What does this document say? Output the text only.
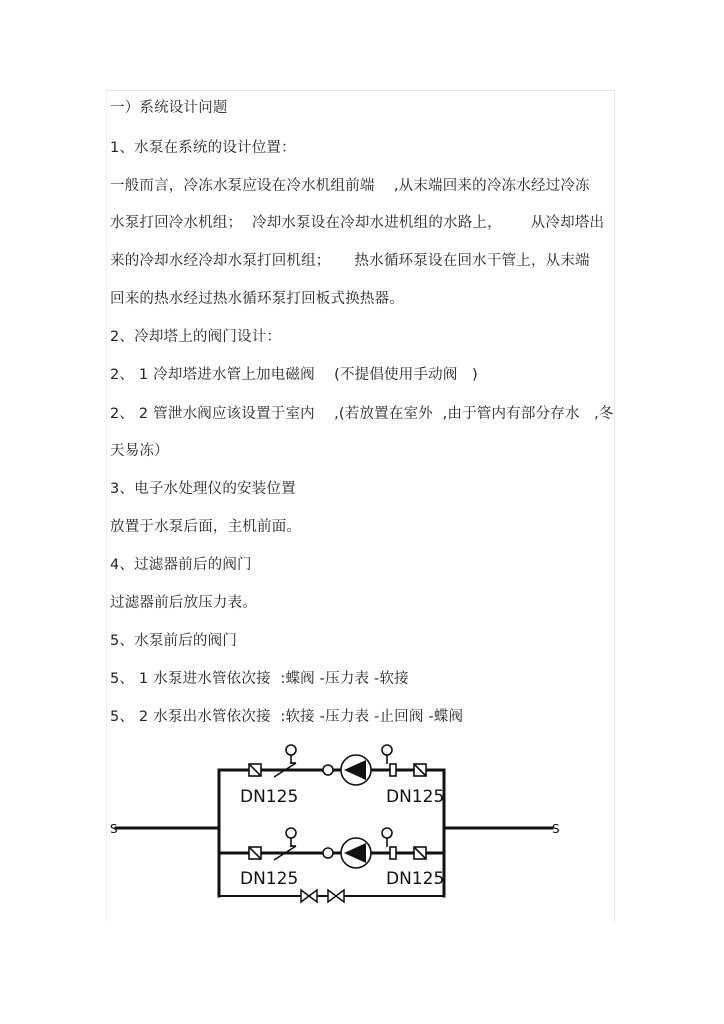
一）系统设计问题
1、水泵在系统的设计位置：
一般而言，冷冻水泵应设在冷水机组前端    ,从末端回来的冷冻水经过冷冻
水泵打回冷水机组；  冷却水泵设在冷却水进机组的水路上，      从冷却塔出
来的冷却水经冷却水泵打回机组；     热水循环泵设在回水干管上，从末端
回来的热水经过热水循环泵打回板式换热器。
2、冷却塔上的阀门设计：
2、 1 冷却塔进水管上加电磁阀    (不提倡使用手动阀   )
2、 2 管泄水阀应该设置于室内    ,(若放置在室外  ,由于管内有部分存水   ,冬
天易冻）
3、电子水处理仪的安装位置
放置于水泵后面，主机前面。
4、过滤器前后的阀门
过滤器前后放压力表。
5、水泵前后的阀门
5、 1 水泵进水管依次接  :蝶阀 -压力表 -软接
5、 2 水泵出水管依次接  :软接 -压力表 -止回阀 -蝶阀
S	S
DN125	DN125
DN125	DN125
